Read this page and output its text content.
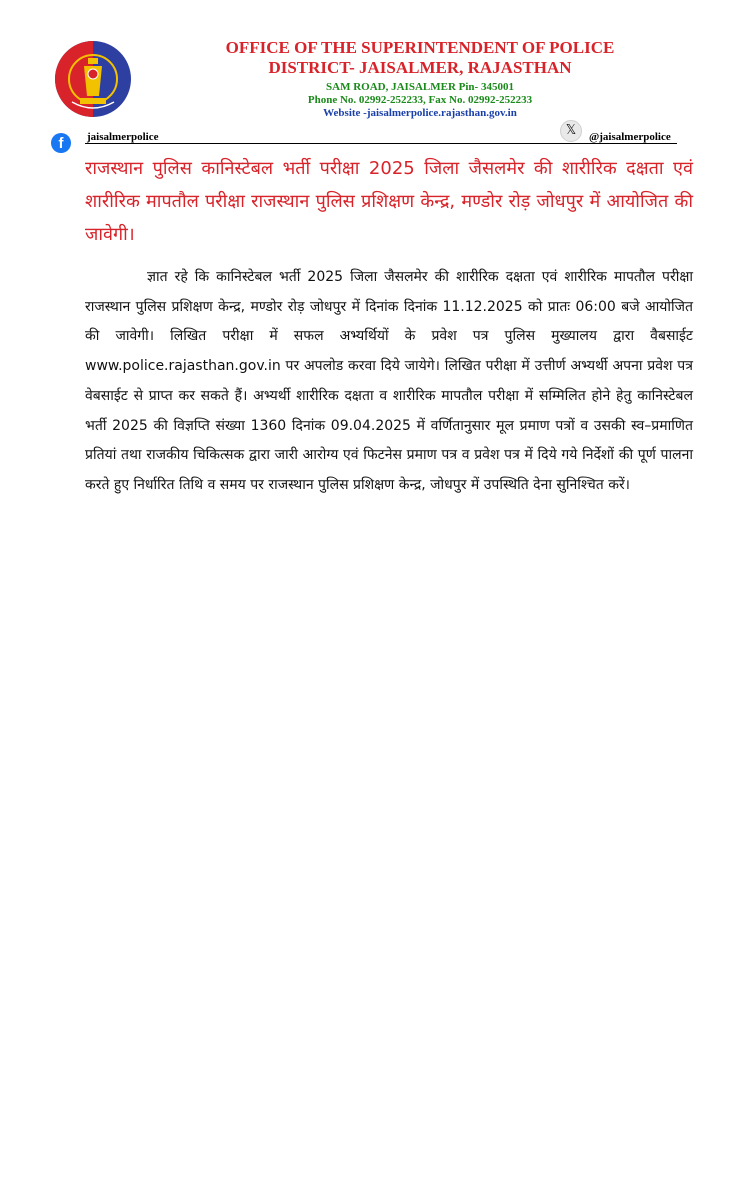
OFFICE OF THE SUPERINTENDENT OF POLICE
DISTRICT- JAISALMER, RAJASTHAN
SAM ROAD, JAISALMER Pin- 345001
Phone No. 02992-252233, Fax No. 02992-252233
Website -jaisalmerpolice.rajasthan.gov.in
f	jaisalmerpolice	𝕏	@jaisalmerpolice
राजस्थान पुलिस कानिस्टेबल भर्ती परीक्षा 2025 जिला जैसलमेर की शारीरिक दक्षता एवं शारीरिक मापतौल परीक्षा राजस्थान पुलिस प्रशिक्षण केन्द्र, मण्डोर रोड़ जोधपुर में आयोजित की जावेगी।
ज्ञात रहे कि कानिस्टेबल भर्ती 2025 जिला जैसलमेर की शारीरिक दक्षता एवं शारीरिक मापतौल परीक्षा राजस्थान पुलिस प्रशिक्षण केन्द्र, मण्डोर रोड़ जोधपुर में दिनांक दिनांक 11.12.2025 को प्रातः 06:00 बजे आयोजित की जावेगी। लिखित परीक्षा में सफल अभ्यर्थियों के प्रवेश पत्र पुलिस मुख्यालय द्वारा वैबसाईट www.police.rajasthan.gov.in पर अपलोड करवा दिये जायेगे। लिखित परीक्षा में उत्तीर्ण अभ्यर्थी अपना प्रवेश पत्र वेबसाईट से प्राप्त कर सकते हैं। अभ्यर्थी शारीरिक दक्षता व शारीरिक मापतौल परीक्षा में सम्मिलित होने हेतु कानिस्टेबल भर्ती 2025 की विज्ञप्ति संख्या 1360 दिनांक 09.04.2025 में वर्णितानुसार मूल प्रमाण पत्रों व उसकी स्व–प्रमाणित प्रतियां तथा राजकीय चिकित्सक द्वारा जारी आरोग्य एवं फिटनेस प्रमाण पत्र व प्रवेश पत्र में दिये गये निर्देशों की पूर्ण पालना करते हुए निर्धारित तिथि व समय पर राजस्थान पुलिस प्रशिक्षण केन्द्र, जोधपुर में उपस्थिति देना सुनिश्चित करें।
